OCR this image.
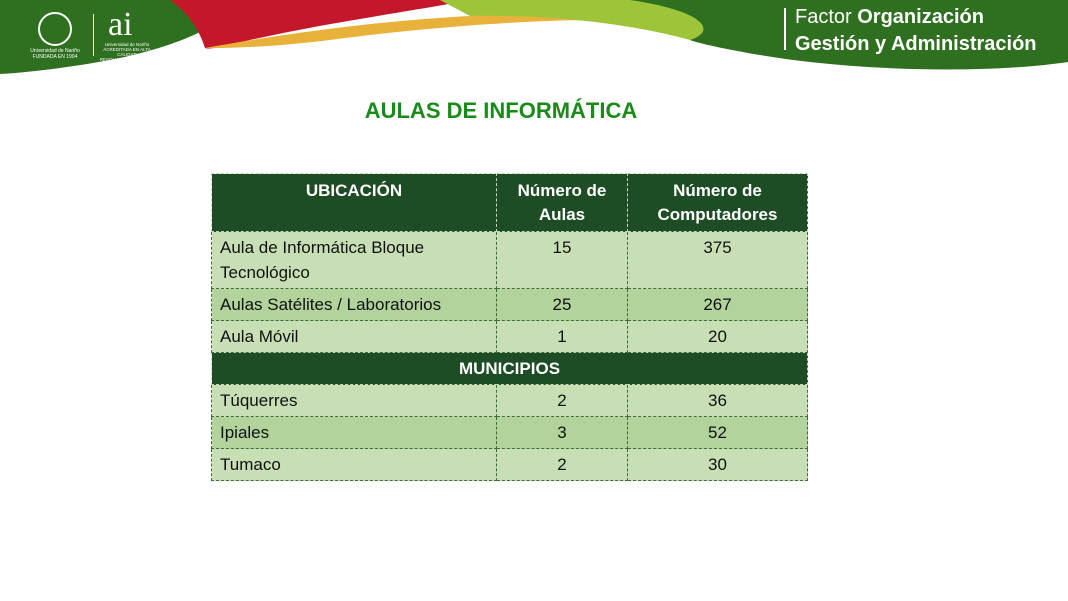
Universidad de Nariño
FUNDADA EN 1904
ai
Universidad de Nariño
ACREDITADA EN ALTA CALIDAD
RESOLUCIÓN No. 09347 - MAYO 23 DE 2017
Factor Organización
Gestión y Administración
AULAS DE INFORMÁTICA
UBICACIÓN	Número de Aulas	Número de Computadores
Aula de Informática Bloque Tecnológico	15	375
Aulas Satélites / Laboratorios	25	267
Aula Móvil	1	20
MUNICIPIOS		
Túquerres	2	36
Ipiales	3	52
Tumaco	2	30
